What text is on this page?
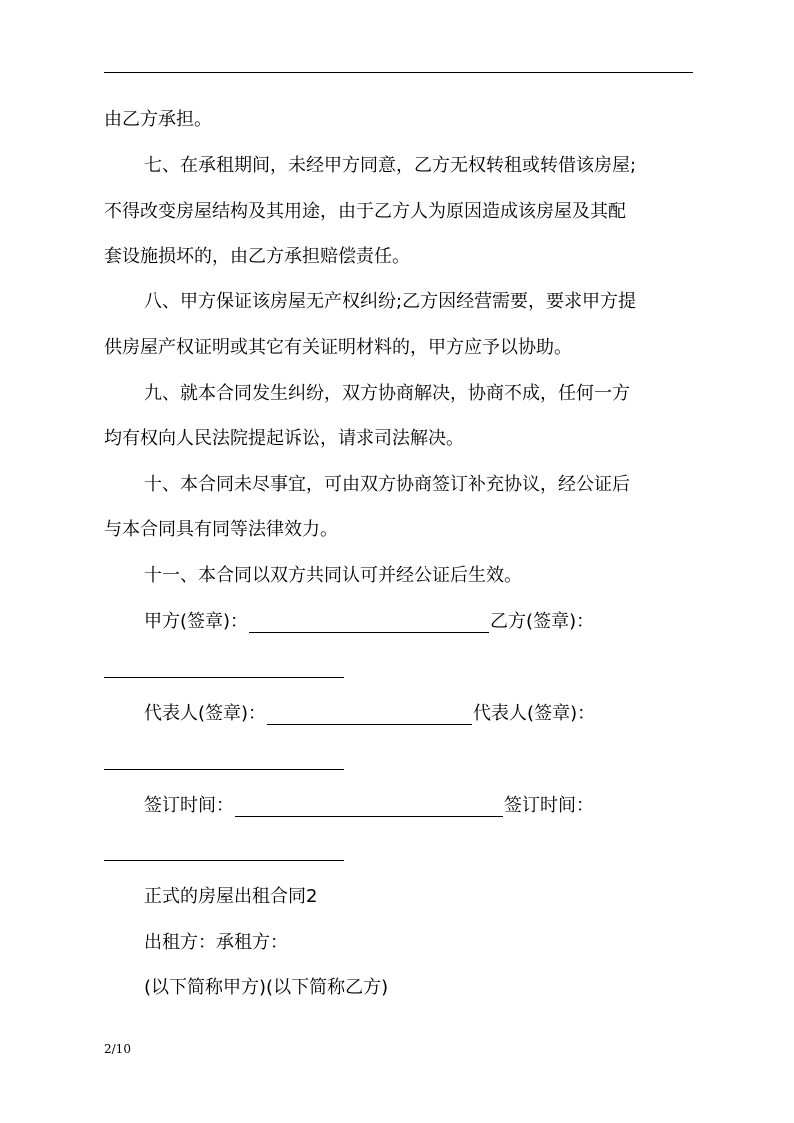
由乙方承担。

七、在承租期间，未经甲方同意，乙方无权转租或转借该房屋;

不得改变房屋结构及其用途，由于乙方人为原因造成该房屋及其配

套设施损坏的，由乙方承担赔偿责任。

八、甲方保证该房屋无产权纠纷;乙方因经营需要，要求甲方提

供房屋产权证明或其它有关证明材料的，甲方应予以协助。

九、就本合同发生纠纷，双方协商解决，协商不成，任何一方

均有权向人民法院提起诉讼，请求司法解决。

十、本合同未尽事宜，可由双方协商签订补充协议，经公证后

与本合同具有同等法律效力。

十一、本合同以双方共同认可并经公证后生效。

甲方(签章)：	乙方(签章)：
代表人(签章)：	代表人(签章)：
签订时间：	签订时间：

正式的房屋出租合同2

出租方：承租方：

(以下简称甲方)(以下简称乙方)

2/10
